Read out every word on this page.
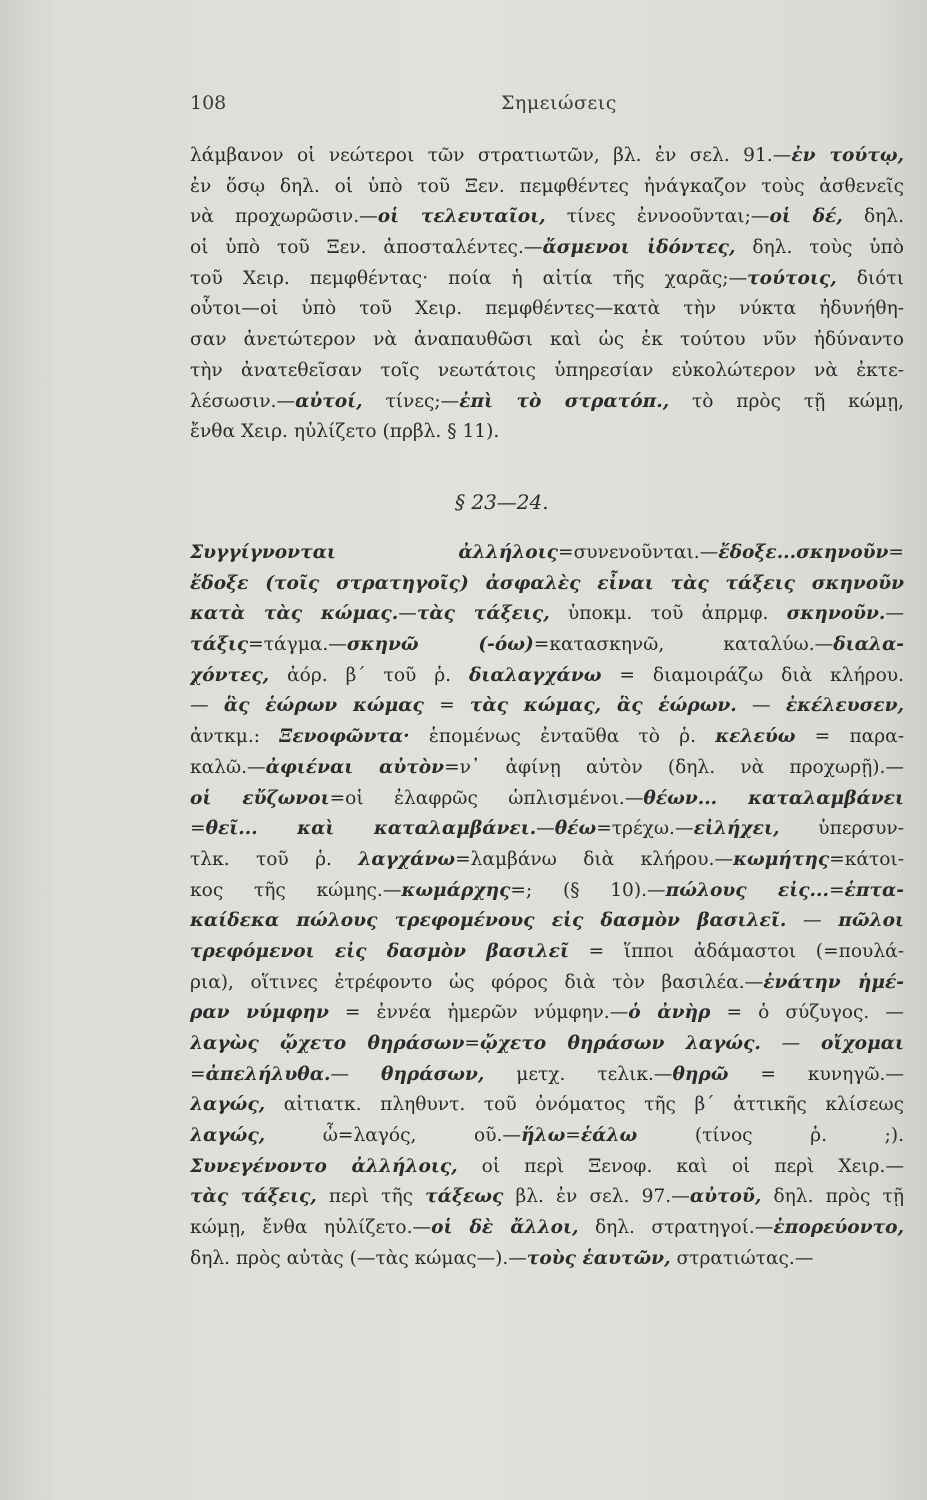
108	Σημειώσεις
λάμβανον οἱ νεώτεροι τῶν στρατιωτῶν, βλ. ἐν σελ. 91.—ἐν τούτῳ,
ἐν ὅσῳ δηλ. οἱ ὑπὸ τοῦ Ξεν. πεμφθέντες ἠνάγκαζον τοὺς ἀσθενεῖς
νὰ προχωρῶσιν.—οἱ τελευταῖοι, τίνες ἐννοοῦνται;—οἱ δέ, δηλ.
οἱ ὑπὸ τοῦ Ξεν. ἀποσταλέντες.—ἄσμενοι ἰδόντες, δηλ. τοὺς ὑπὸ
τοῦ Χειρ. πεμφθέντας· ποία ἡ αἰτία τῆς χαρᾶς;—τούτοις, διότι
οὗτοι—οἱ ὑπὸ τοῦ Χειρ. πεμφθέντες—κατὰ τὴν νύκτα ἠδυνήθη-
σαν ἀνετώτερον νὰ ἀναπαυθῶσι καὶ ὡς ἐκ τούτου νῦν ἠδύναντο
τὴν ἀνατεθεῖσαν τοῖς νεωτάτοις ὑπηρεσίαν εὐκολώτερον νὰ ἐκτε-
λέσωσιν.—αὐτοί, τίνες;—ἐπὶ τὸ στρατόπ., τὸ πρὸς τῇ κώμῃ,
ἔνθα Χειρ. ηὐλίζετο (πρβλ. § 11).
§ 23—24.
Συγγίγνονται ἀλλήλοις=συνενοῦνται.—ἔδοξε...σκηνοῦν=
ἔδοξε (τοῖς στρατηγοῖς) ἀσφαλὲς εἶναι τὰς τάξεις σκηνοῦν
κατὰ τὰς κώμας.—τὰς τάξεις, ὑποκμ. τοῦ ἀπρμφ. σκηνοῦν.—
τάξις=τάγμα.—σκηνῶ (-όω)=κατασκηνῶ, καταλύω.—διαλα-
χόντες, ἀόρ. β΄ τοῦ ῥ. διαλαγχάνω = διαμοιράζω διὰ κλήρου.
— ἃς ἑώρων κώμας = τὰς κώμας, ἃς ἑώρων. — ἐκέλευσεν,
ἀντκμ.: Ξενοφῶντα· ἑπομένως ἐνταῦθα τὸ ῥ. κελεύω = παρα-
καλῶ.—ἀφιέναι αὐτὸν=ν᾿ ἀφίνῃ αὐτὸν (δηλ. νὰ προχωρῇ).—
οἱ εὔζωνοι=οἱ ἐλαφρῶς ὡπλισμένοι.—θέων... καταλαμβάνει
=θεῖ... καὶ καταλαμβάνει.—θέω=τρέχω.—εἰλήχει, ὑπερσυν-
τλκ. τοῦ ῥ. λαγχάνω=λαμβάνω διὰ κλήρου.—κωμήτης=κάτοι-
κος τῆς κώμης.—κωμάρχης=; (§ 10).—πώλους εἰς...=ἑπτα-
καίδεκα πώλους τρεφομένους εἰς δασμὸν βασιλεῖ. — πῶλοι
τρεφόμενοι εἰς δασμὸν βασιλεῖ = ἵπποι ἀδάμαστοι (=πουλά-
ρια), οἵτινες ἐτρέφοντο ὡς φόρος διὰ τὸν βασιλέα.—ἐνάτην ἡμέ-
ραν νύμφην = ἐννέα ἡμερῶν νύμφην.—ὁ ἀνὴρ = ὁ σύζυγος. —
λαγὼς ᾤχετο θηράσων=ᾤχετο θηράσων λαγώς. — οἴχομαι
=ἀπελήλυθα.— θηράσων, μετχ. τελικ.—θηρῶ = κυνηγῶ.—
λαγώς, αἰτιατκ. πληθυντ. τοῦ ὀνόματος τῆς β΄ ἀττικῆς κλίσεως
λαγώς, ὦ=λαγός, οῦ.—ἥλω=ἑάλω (τίνος ῥ. ;).
Συνεγένοντο ἀλλήλοις, οἱ περὶ Ξενοφ. καὶ οἱ περὶ Χειρ.—
τὰς τάξεις, περὶ τῆς τάξεως βλ. ἐν σελ. 97.—αὐτοῦ, δηλ. πρὸς τῇ
κώμῃ, ἔνθα ηὐλίζετο.—οἱ δὲ ἄλλοι, δηλ. στρατηγοί.—ἐπορεύοντο,
δηλ. πρὸς αὐτὰς (—τὰς κώμας—).—τοὺς ἑαυτῶν, στρατιώτας.—
